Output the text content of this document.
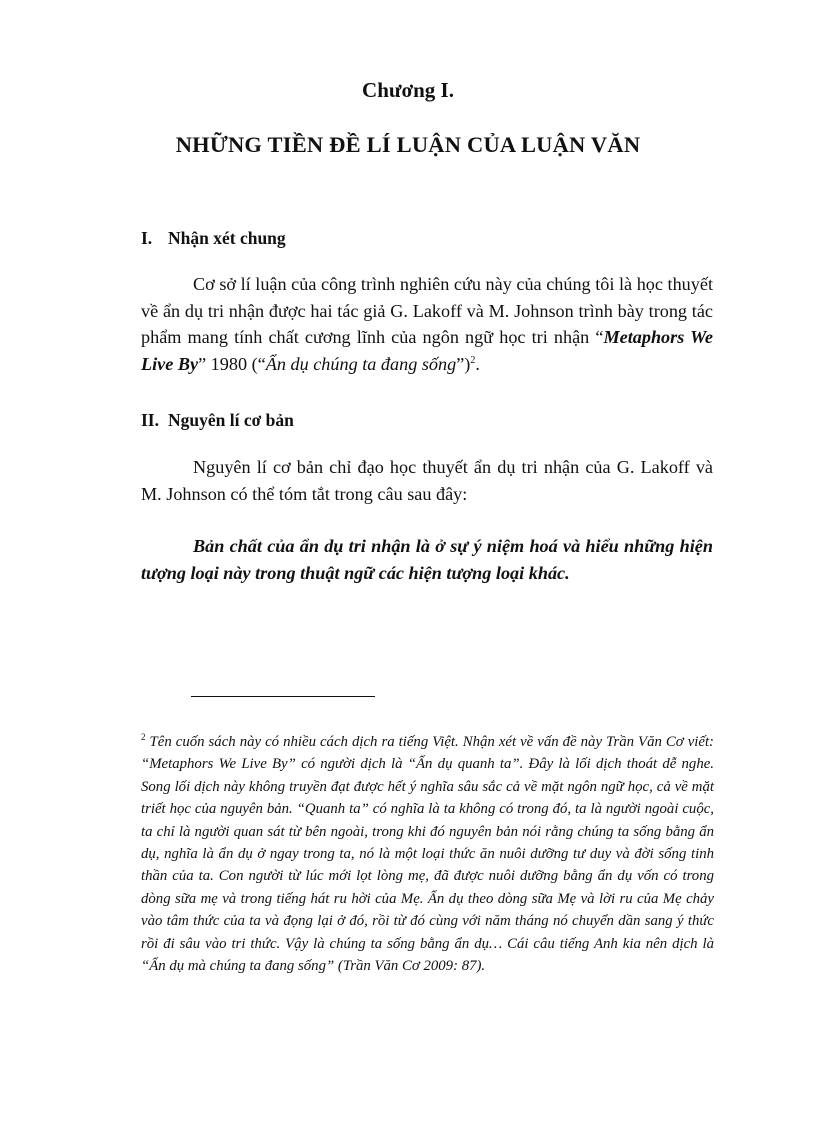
Chương I.
NHỮNG TIỀN ĐỀ LÍ LUẬN CỦA LUẬN VĂN
I. Nhận xét chung

Cơ sở lí luận của công trình nghiên cứu này của chúng tôi là học thuyết về ẩn dụ tri nhận được hai tác giả G. Lakoff và M. Johnson trình bày trong tác phẩm mang tính chất cương lĩnh của ngôn ngữ học tri nhận “Metaphors We Live By” 1980 (“Ẩn dụ chúng ta đang sống”)$^2$.

II. Nguyên lí cơ bản

Nguyên lí cơ bản chỉ đạo học thuyết ẩn dụ tri nhận của G. Lakoff và M. Johnson có thể tóm tắt trong câu sau đây:

Bản chất của ẩn dụ tri nhận là ở sự ý niệm hoá và hiểu những hiện tượng loại này trong thuật ngữ các hiện tượng loại khác.

$^2$ Tên cuốn sách này có nhiều cách dịch ra tiếng Việt. Nhận xét về vấn đề này Trần Văn Cơ viết: “Metaphors We Live By” có người dịch là “Ẩn dụ quanh ta”. Đây là lối dịch thoát dễ nghe. Song lối dịch này không truyền đạt được hết ý nghĩa sâu sắc cả về mặt ngôn ngữ học, cả về mặt triết học của nguyên bản. “Quanh ta” có nghĩa là ta không có trong đó, ta là người ngoài cuộc, ta chỉ là người quan sát từ bên ngoài, trong khi đó nguyên bản nói rằng chúng ta sống bằng ẩn dụ, nghĩa là ẩn dụ ở ngay trong ta, nó là một loại thức ăn nuôi dưỡng tư duy và đời sống tinh thần của ta. Con người từ lúc mới lọt lòng mẹ, đã được nuôi dưỡng bằng ẩn dụ vốn có trong dòng sữa mẹ và trong tiếng hát ru hời của Mẹ. Ẩn dụ theo dòng sữa Mẹ và lời ru của Mẹ chảy vào tâm thức của ta và đọng lại ở đó, rồi từ đó cùng với năm tháng nó chuyển dần sang ý thức rồi đi sâu vào tri thức. Vậy là chúng ta sống bằng ẩn dụ… Cái câu tiếng Anh kia nên dịch là “Ẩn dụ mà chúng ta đang sống” (Trần Văn Cơ 2009: 87).
